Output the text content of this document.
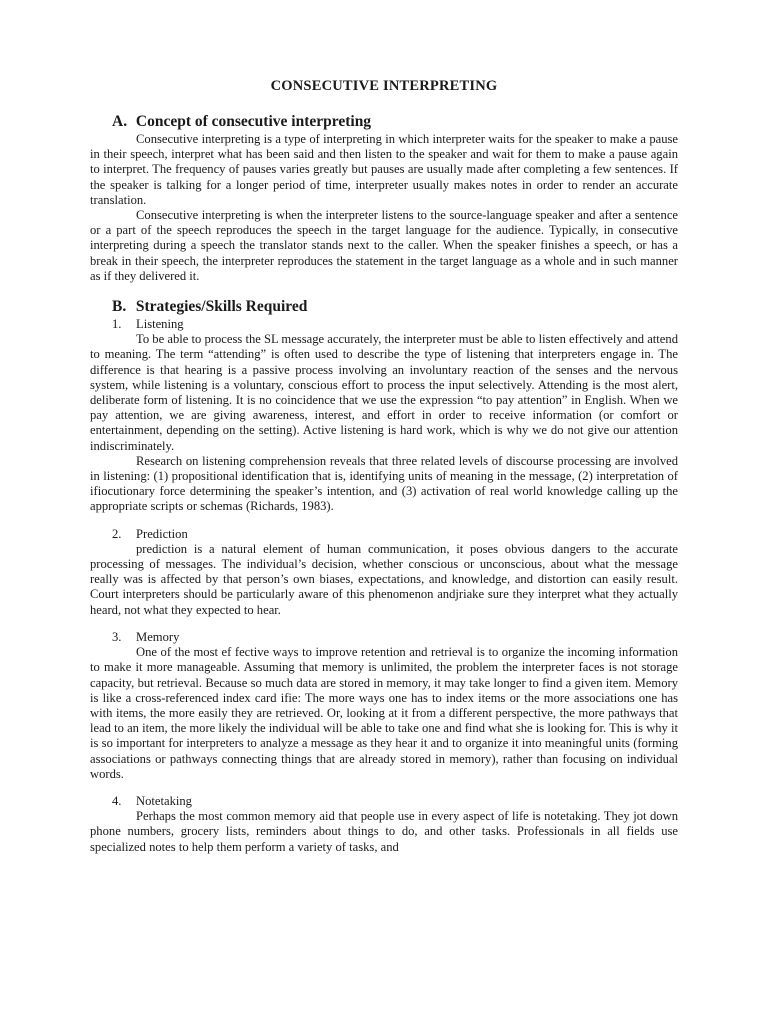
CONSECUTIVE INTERPRETING
A. Concept of consecutive interpreting

Consecutive interpreting is a type of interpreting in which interpreter waits for the speaker to make a pause in their speech, interpret what has been said and then listen to the speaker and wait for them to make a pause again to interpret. The frequency of pauses varies greatly but pauses are usually made after completing a few sentences. If the speaker is talking for a longer period of time, interpreter usually makes notes in order to render an accurate translation.

Consecutive interpreting is when the interpreter listens to the source-language speaker and after a sentence or a part of the speech reproduces the speech in the target language for the audience. Typically, in consecutive interpreting during a speech the translator stands next to the caller. When the speaker finishes a speech, or has a break in their speech, the interpreter reproduces the statement in the target language as a whole and in such manner as if they delivered it.

B. Strategies/Skills Required
1. Listening

To be able to process the SL message accurately, the interpreter must be able to listen effectively and attend to meaning. The term “attending” is often used to describe the type of listening that interpreters engage in. The difference is that hearing is a passive process involving an involuntary reaction of the senses and the nervous system, while listening is a voluntary, conscious effort to process the input selectively. Attending is the most alert, deliberate form of listening. It is no coincidence that we use the expression “to pay attention” in English. When we pay attention, we are giving awareness, interest, and effort in order to receive information (or comfort or entertainment, depending on the setting). Active listening is hard work, which is why we do not give our attention indiscriminately.

Research on listening comprehension reveals that three related levels of discourse processing are involved in listening: (1) propositional identification that is, identifying units of meaning in the message, (2) interpretation of ifiocutionary force determining the speaker’s intention, and (3) activation of real world knowledge calling up the appropriate scripts or schemas (Richards, 1983).

2. Prediction

prediction is a natural element of human communication, it poses obvious dangers to the accurate processing of messages. The individual’s decision, whether conscious or unconscious, about what the message really was is affected by that person’s own biases, expectations, and knowledge, and distortion can easily result. Court interpreters should be particularly aware of this phenomenon andjriake sure they interpret what they actually heard, not what they expected to hear.

3. Memory

One of the most ef fective ways to improve retention and retrieval is to organize the incoming information to make it more manageable. Assuming that memory is unlimited, the problem the interpreter faces is not storage capacity, but retrieval. Because so much data are stored in memory, it may take longer to find a given item. Memory is like a cross-referenced index card ifie: The more ways one has to index items or the more associations one has with items, the more easily they are retrieved. Or, looking at it from a different perspective, the more pathways that lead to an item, the more likely the individual will be able to take one and find what she is looking for. This is why it is so important for interpreters to analyze a message as they hear it and to organize it into meaningful units (forming associations or pathways connecting things that are already stored in memory), rather than focusing on individual words.

4. Notetaking

Perhaps the most common memory aid that people use in every aspect of life is notetaking. They jot down phone numbers, grocery lists, reminders about things to do, and other tasks. Professionals in all fields use specialized notes to help them perform a variety of tasks, and
